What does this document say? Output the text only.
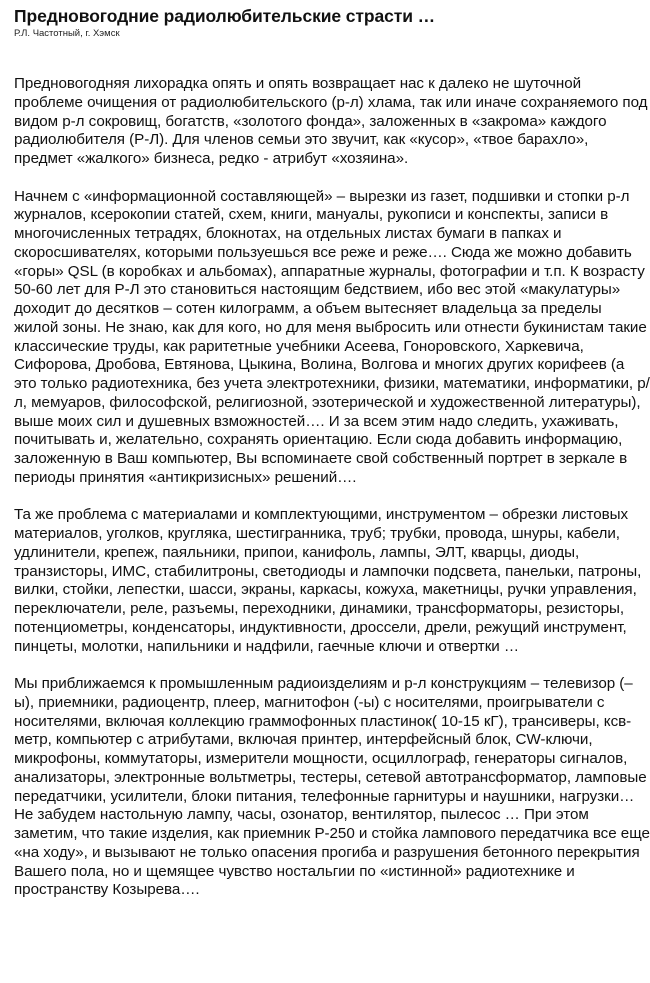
Предновогодние радиолюбительские страсти …
Р.Л. Частотный, г. Хэмск

Предновогодняя лихорадка опять и опять возвращает нас к далеко не шуточной проблеме очищения от радиолюбительского (р-л) хлама, так или иначе сохраняемого под видом р-л сокровищ, богатств, «золотого фонда», заложенных в «закрома» каждого радиолюбителя (Р-Л). Для членов семьи это звучит, как «кусор», «твое барахло», предмет «жалкого» бизнеса, редко - атрибут «хозяина».

Начнем с «информационной составляющей» – вырезки из газет, подшивки и стопки р-л журналов, ксерокопии статей, схем, книги, мануалы, рукописи и конспекты, записи в многочисленных тетрадях, блокнотах, на отдельных листах бумаги в папках и скоросшивателях, которыми пользуешься все реже и реже…. Сюда же можно добавить «горы» QSL (в коробках и альбомах), аппаратные журналы, фотографии и т.п. К возрасту 50-60 лет для Р-Л это становиться настоящим бедствием, ибо вес этой «макулатуры» доходит до десятков – сотен килограмм, а объем вытесняет владельца за пределы жилой зоны. Не знаю, как для кого, но для меня выбросить или отнести букинистам такие классические труды, как раритетные учебники Асеева, Гоноровского, Харкевича, Сифорова, Дробова, Евтянова, Цыкина, Волина, Волгова и многих других корифеев (а это только радиотехника, без учета электротехники, физики, математики, информатики, р/л, мемуаров, философской, религиозной, эзотерической и художественной литературы), выше моих сил и душевных взможностей…. И за всем этим надо следить, ухаживать, почитывать и, желательно, сохранять ориентацию. Если сюда добавить информацию, заложенную в Ваш компьютер, Вы вспоминаете свой собственный портрет в зеркале в периоды принятия «антикризисных» решений….

Та же проблема с материалами и комплектующими, инструментом – обрезки листовых материалов, уголков, кругляка, шестигранника, труб; трубки, провода, шнуры, кабели, удлинители, крепеж, паяльники, припои, канифоль, лампы, ЭЛТ, кварцы, диоды, транзисторы, ИМС, стабилитроны, светодиоды и лампочки подсвета, панельки, патроны, вилки, стойки, лепестки, шасси, экраны, каркасы, кожуха, макетницы, ручки управления, переключатели, реле, разъемы, переходники, динамики, трансформаторы, резисторы, потенциометры, конденсаторы, индуктивности, дроссели, дрели, режущий инструмент, пинцеты, молотки, напильники и надфили, гаечные ключи и отвертки …

Мы приближаемся к промышленным радиоизделиям и р-л конструкциям – телевизор (–ы), приемники, радиоцентр, плеер, магнитофон (-ы) с носителями, проигрыватели с носителями, включая коллекцию граммофонных пластинок( 10-15 кГ), трансиверы, ксв-метр, компьютер с атрибутами, включая принтер, интерфейсный блок, CW-ключи, микрофоны, коммутаторы, измерители мощности, осциллограф, генераторы сигналов, анализаторы, электронные вольтметры, тестеры, сетевой автотрансформатор, ламповые передатчики, усилители, блоки питания, телефонные гарнитуры и наушники, нагрузки… Не забудем настольную лампу, часы, озонатор, вентилятор, пылесос … При этом заметим, что такие изделия, как приемник Р-250 и стойка лампового передатчика все еще «на ходу», и вызывают не только опасения прогиба и разрушения бетонного перекрытия Вашего пола, но и щемящее чувство ностальгии по «истинной» радиотехнике и пространству Козырева….
